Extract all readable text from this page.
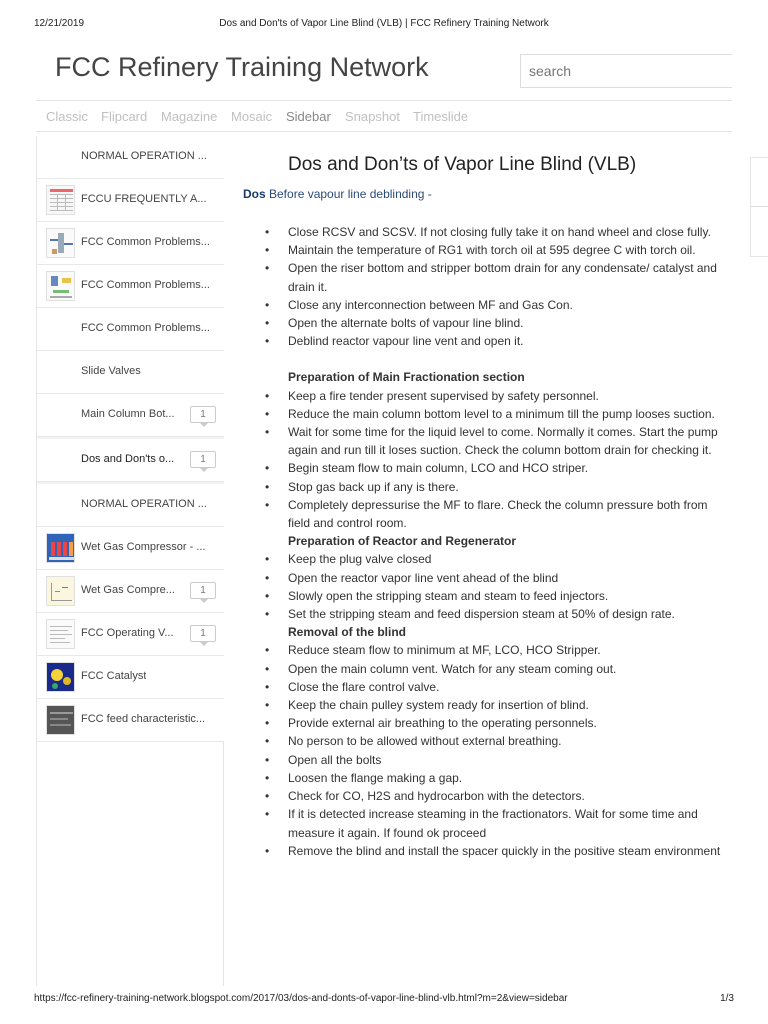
12/21/2019	Dos and Don'ts of Vapor Line Blind (VLB) | FCC Refinery Training Network
FCC Refinery Training Network
search
Classic Flipcard Magazine Mosaic Sidebar Snapshot Timeslide
NORMAL OPERATION ...
FCCU FREQUENTLY A...
FCC Common Problems...
FCC Common Problems...
FCC Common Problems...
Slide Valves
Main Column Bot...	1
Dos and Don'ts o...	1
NORMAL OPERATION ...
Wet Gas Compressor - ...
Wet Gas Compre...	1
FCC Operating V...	1
FCC Catalyst
FCC feed characteristic...
Dos and Don’ts of Vapor Line Blind (VLB)
Dos Before vapour line deblinding -
• Close RCSV and SCSV. If not closing fully take it on hand wheel and close fully.
• Maintain the temperature of RG1 with torch oil at 595 degree C with torch oil.
• Open the riser bottom and stripper bottom drain for any condensate/ catalyst and drain it.
• Close any interconnection between MF and Gas Con.
• Open the alternate bolts of vapour line blind.
• Deblind reactor vapour line vent and open it.
Preparation of Main Fractionation section
• Keep a fire tender present supervised by safety personnel.
• Reduce the main column bottom level to a minimum till the pump looses suction.
• Wait for some time for the liquid level to come. Normally it comes. Start the pump again and run till it loses suction. Check the column bottom drain for checking it.
• Begin steam flow to main column, LCO and HCO striper.
• Stop gas back up if any is there.
• Completely depressurise the MF to flare. Check the column pressure both from field and control room.
Preparation of Reactor and Regenerator
• Keep the plug valve closed
• Open the reactor vapor line vent ahead of the blind
• Slowly open the stripping steam and steam to feed injectors.
• Set the stripping steam and feed dispersion steam at 50% of design rate.
Removal of the blind
• Reduce steam flow to minimum at MF, LCO, HCO Stripper.
• Open the main column vent. Watch for any steam coming out.
• Close the flare control valve.
• Keep the chain pulley system ready for insertion of blind.
• Provide external air breathing to the operating personnels.
• No person to be allowed without external breathing.
• Open all the bolts
• Loosen the flange making a gap.
• Check for CO, H2S and hydrocarbon with the detectors.
• If it is detected increase steaming in the fractionators. Wait for some time and measure it again. If found ok proceed
• Remove the blind and install the spacer quickly in the positive steam environment
https://fcc-refinery-training-network.blogspot.com/2017/03/dos-and-donts-of-vapor-line-blind-vlb.html?m=2&view=sidebar	1/3
